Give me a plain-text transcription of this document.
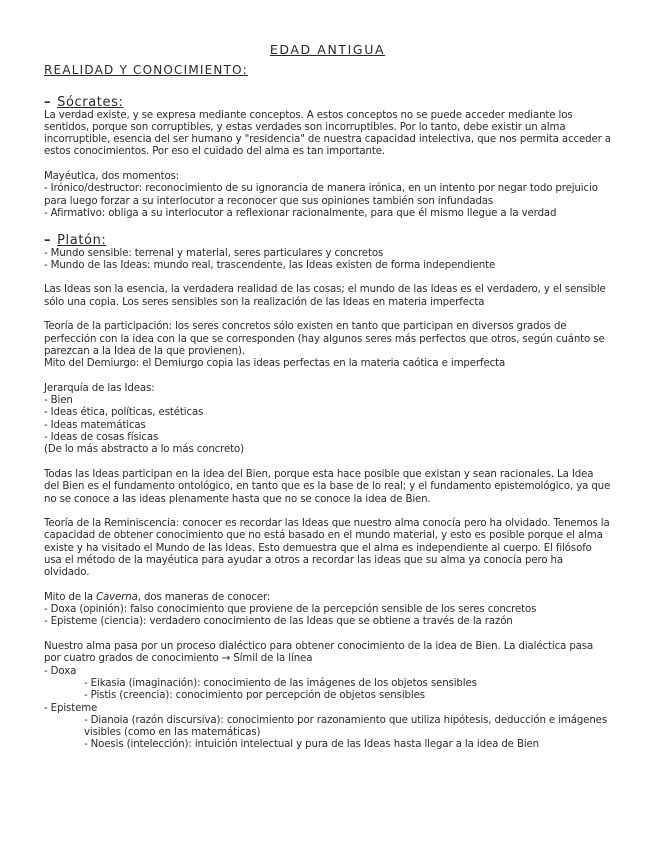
EDAD ANTIGUA
REALIDAD Y CONOCIMIENTO:
– Sócrates:

La verdad existe, y se expresa mediante conceptos. A estos conceptos no se puede acceder mediante los sentidos, porque son corruptibles, y estas verdades son incorruptibles. Por lo tanto, debe existir un alma incorruptible, esencia del ser humano y "residencia" de nuestra capacidad intelectiva, que nos permita acceder a estos conocimientos. Por eso el cuidado del alma es tan importante.

Mayéutica, dos momentos:

- Irónico/destructor: reconocimiento de su ignorancia de manera irónica, en un intento por negar todo prejuicio para luego forzar a su interlocutor a reconocer que sus opiniones también son infundadas

- Afirmativo: obliga a su interlocutor a reflexionar racionalmente, para que él mismo llegue a la verdad

– Platón:
- Mundo sensible: terrenal y material, seres particulares y concretos
- Mundo de las Ideas: mundo real, trascendente, las Ideas existen de forma independiente

Las Ideas son la esencia, la verdadera realidad de las cosas; el mundo de las Ideas es el verdadero, y el sensible sólo una copia. Los seres sensibles son la realización de las Ideas en materia imperfecta

Teoría de la participación: los seres concretos sólo existen en tanto que participan en diversos grados de perfección con la idea con la que se corresponden (hay algunos seres más perfectos que otros, según cuánto se parezcan a la Idea de la que provienen).

Mito del Demiurgo: el Demiurgo copia las ideas perfectas en la materia caótica e imperfecta

Jerarquía de las Ideas:

- Bien
- Ideas ética, políticas, estéticas
- Ideas matemáticas
- Ideas de cosas físicas
(De lo más abstracto a lo más concreto)

Todas las Ideas participan en la idea del Bien, porque esta hace posible que existan y sean racionales. La Idea del Bien es el fundamento ontológico, en tanto que es la base de lo real; y el fundamento epistemológico, ya que no se conoce a las ideas plenamente hasta que no se conoce la idea de Bien.

Teoría de la Reminiscencia: conocer es recordar las Ideas que nuestro alma conocía pero ha olvidado. Tenemos la capacidad de obtener conocimiento que no está basado en el mundo material, y esto es posible porque el alma existe y ha visitado el Mundo de las Ideas. Esto demuestra que el alma es independiente al cuerpo. El filósofo usa el método de la mayéutica para ayudar a otros a recordar las ideas que su alma ya conocía pero ha olvidado.

Mito de la Caverna, dos maneras de conocer:

- Doxa (opinión): falso conocimiento que proviene de la percepción sensible de los seres concretos
- Episteme (ciencia): verdadero conocimiento de las Ideas que se obtiene a través de la razón

Nuestro alma pasa por un proceso dialéctico para obtener conocimiento de la idea de Bien. La dialéctica pasa por cuatro grados de conocimiento → Símil de la línea

- Doxa
- Eikasia (imaginación): conocimiento de las imágenes de los objetos sensibles
- Pistis (creencia): conocimiento por percepción de objetos sensibles
- Episteme
- Dianoia (razón discursiva): conocimiento por razonamiento que utiliza hipótesis, deducción e imágenes visibles (como en las matemáticas)
- Noesis (intelección): intuición intelectual y pura de las Ideas hasta llegar a la idea de Bien
